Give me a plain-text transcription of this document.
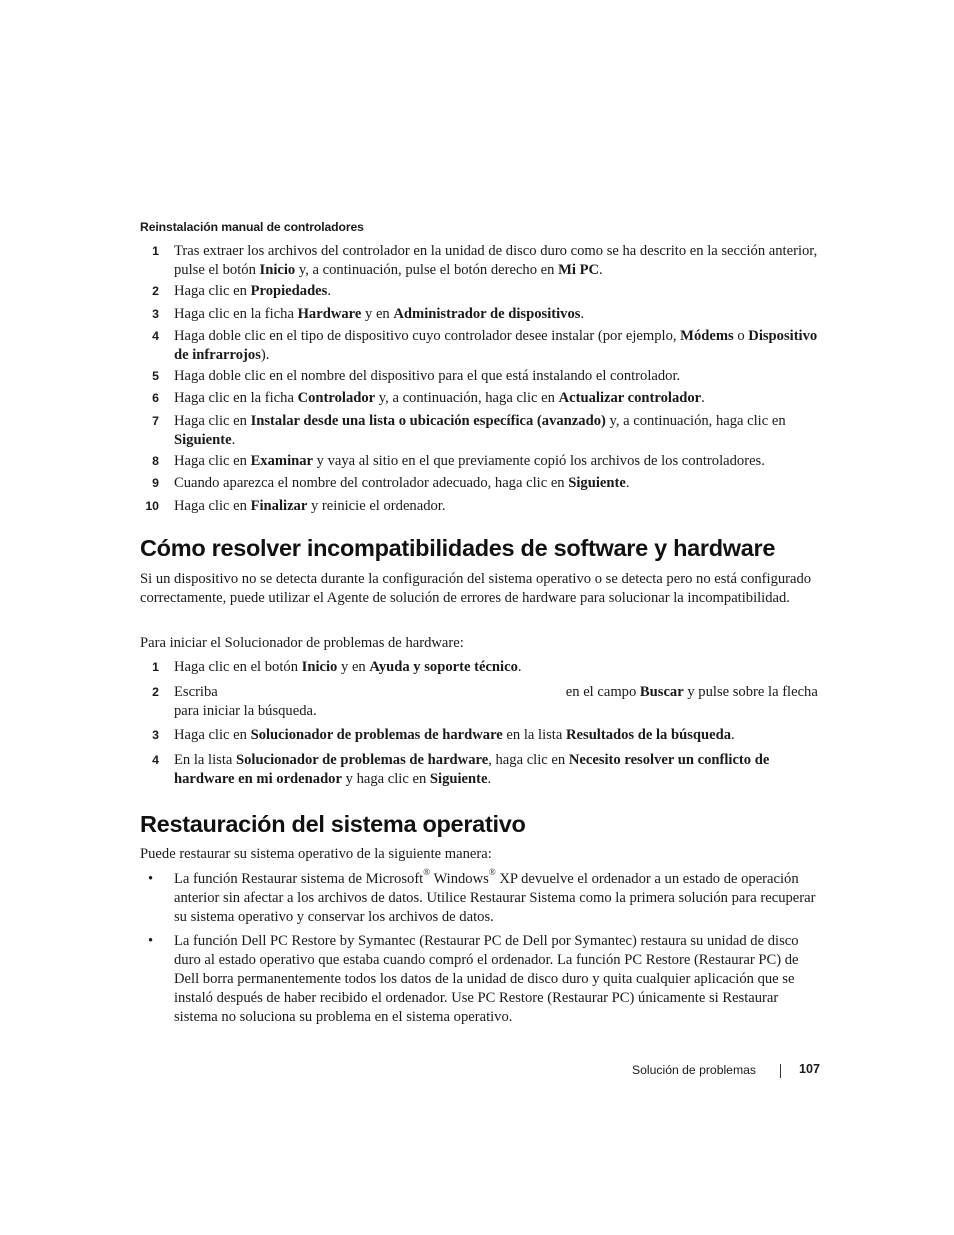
Reinstalación manual de controladores
1 Tras extraer los archivos del controlador en la unidad de disco duro como se ha descrito en la sección anterior, pulse el botón Inicio y, a continuación, pulse el botón derecho en Mi PC.
2 Haga clic en Propiedades.
3 Haga clic en la ficha Hardware y en Administrador de dispositivos.
4 Haga doble clic en el tipo de dispositivo cuyo controlador desee instalar (por ejemplo, Módems o Dispositivo de infrarrojos).
5 Haga doble clic en el nombre del dispositivo para el que está instalando el controlador.
6 Haga clic en la ficha Controlador y, a continuación, haga clic en Actualizar controlador.
7 Haga clic en Instalar desde una lista o ubicación específica (avanzado) y, a continuación, haga clic en Siguiente.
8 Haga clic en Examinar y vaya al sitio en el que previamente copió los archivos de los controladores.
9 Cuando aparezca el nombre del controlador adecuado, haga clic en Siguiente.
10 Haga clic en Finalizar y reinicie el ordenador.
Cómo resolver incompatibilidades de software y hardware
Si un dispositivo no se detecta durante la configuración del sistema operativo o se detecta pero no está configurado correctamente, puede utilizar el Agente de solución de errores de hardware para solucionar la incompatibilidad.
Para iniciar el Solucionador de problemas de hardware:
1 Haga clic en el botón Inicio y en Ayuda y soporte técnico.
2 Escriba	en el campo Buscar y pulse sobre la flecha para iniciar la búsqueda.
3 Haga clic en Solucionador de problemas de hardware en la lista Resultados de la búsqueda.
4 En la lista Solucionador de problemas de hardware, haga clic en Necesito resolver un conflicto de hardware en mi ordenador y haga clic en Siguiente.
Restauración del sistema operativo
Puede restaurar su sistema operativo de la siguiente manera:
•	La función Restaurar sistema de Microsoft® Windows® XP devuelve el ordenador a un estado de operación anterior sin afectar a los archivos de datos. Utilice Restaurar Sistema como la primera solución para recuperar su sistema operativo y conservar los archivos de datos.
•	La función Dell PC Restore by Symantec (Restaurar PC de Dell por Symantec) restaura su unidad de disco duro al estado operativo que estaba cuando compró el ordenador. La función PC Restore (Restaurar PC) de Dell borra permanentemente todos los datos de la unidad de disco duro y quita cualquier aplicación que se instaló después de haber recibido el ordenador. Use PC Restore (Restaurar PC) únicamente si Restaurar sistema no soluciona su problema en el sistema operativo.
Solución de problemas	107
